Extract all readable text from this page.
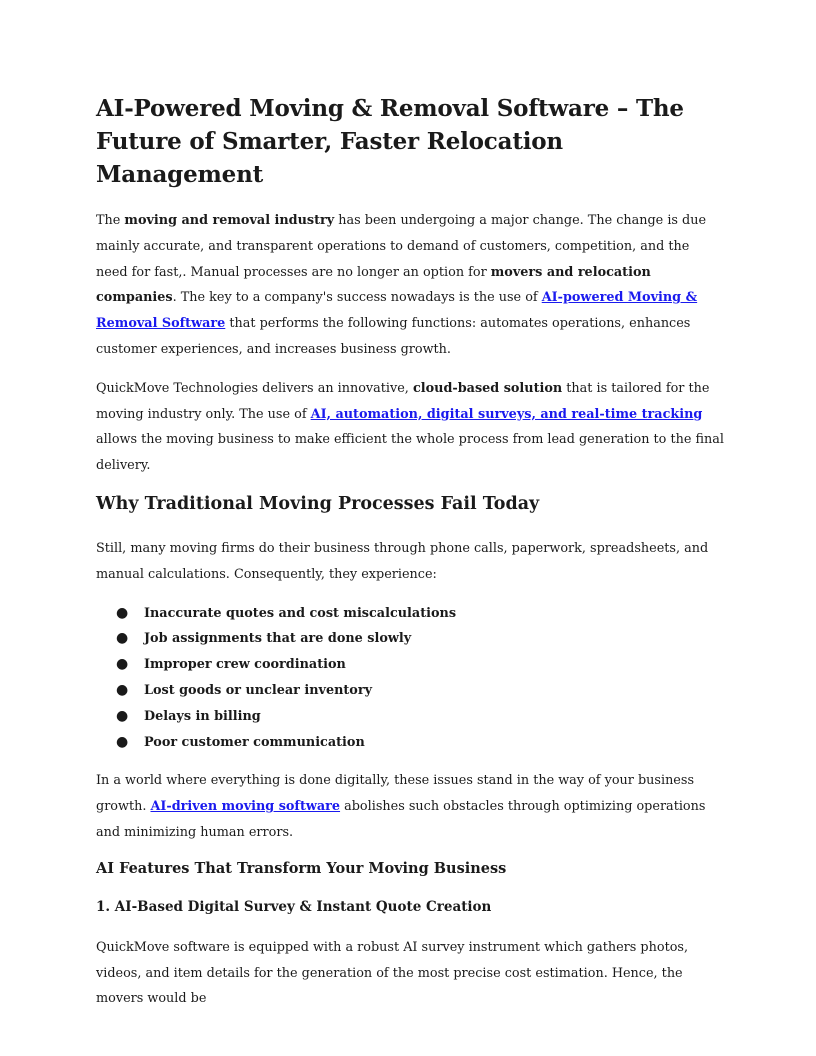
AI-Powered Moving & Removal Software – The Future of Smarter, Faster Relocation Management

The moving and removal industry has been undergoing a major change. The change is due mainly accurate, and transparent operations to demand of customers, competition, and the need for fast,. Manual processes are no longer an option for movers and relocation companies. The key to a company's success nowadays is the use of AI-powered Moving & Removal Software that performs the following functions: automates operations, enhances customer experiences, and increases business growth.

QuickMove Technologies delivers an innovative, cloud-based solution that is tailored for the moving industry only. The use of AI, automation, digital surveys, and real-time tracking allows the moving business to make efficient the whole process from lead generation to the final delivery.

Why Traditional Moving Processes Fail Today

Still, many moving firms do their business through phone calls, paperwork, spreadsheets, and manual calculations. Consequently, they experience:

● Inaccurate quotes and cost miscalculations
● Job assignments that are done slowly
● Improper crew coordination
● Lost goods or unclear inventory
● Delays in billing
● Poor customer communication

In a world where everything is done digitally, these issues stand in the way of your business growth. AI-driven moving software abolishes such obstacles through optimizing operations and minimizing human errors.

AI Features That Transform Your Moving Business
1. AI-Based Digital Survey & Instant Quote Creation

QuickMove software is equipped with a robust AI survey instrument which gathers photos, videos, and item details for the generation of the most precise cost estimation. Hence, the movers would be
